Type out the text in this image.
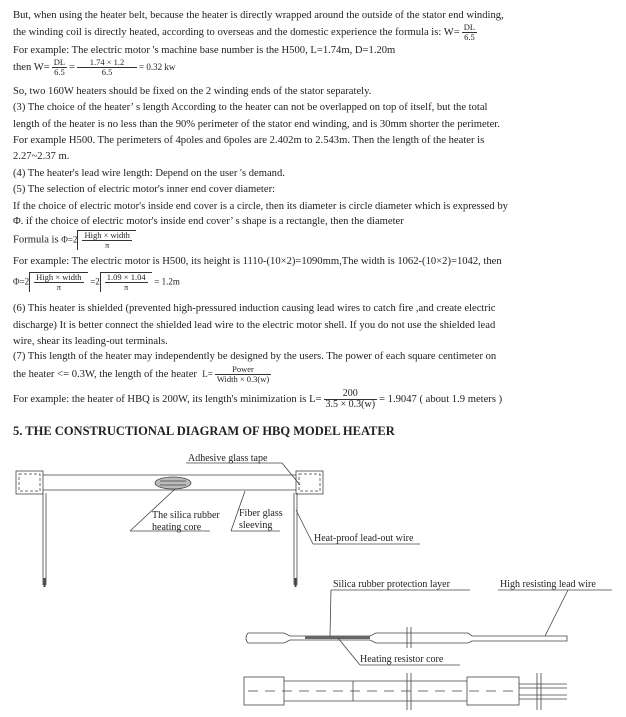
But, when using the heater belt, because the heater is directly wrapped around the outside of the stator end winding,
the winding coil is directly heated, according to overseas and the domestic experience the formula is: $W= \frac{DL}{6.5}$
For example: The electric motor 's machine base number is the H500, L=1.74m, D=1.20m
then $W= \frac{DL}{6.5} = \frac{1.74 \times 1.2}{6.5} = 0.32$ kw
So, two 160W heaters should be fixed on the 2 winding ends of the stator separately.
(3) The choice of the heater’ s length According to the heater can not be overlapped on top of itself, but the total
length of the heater is no less than the 90% perimeter of the stator end winding, and is 30mm shorter the perimeter.
For example H500. The perimeters of 4poles and 6poles are 2.402m to 2.543m. Then the length of the heater is
2.27~2.37 m.
(4) The heater's lead wire length: Depend on the user 's demand.
(5) The selection of electric motor's inner end cover diameter:
If the choice of electric motor's inside end cover is a circle, then its diameter is circle diameter which is expressed by
Φ. if the choice of electric motor's inside end cover’ s shape is a rectangle, then the diameter
Formula is $\Phi=2 \frac{\text{High × width}}{\pi}$
For example: The electric motor is H500, its height is 1110-(10×2)=1090mm,The width is 1062-(10×2)=1042, then
$\Phi=2 \frac{\text{High × width}}{\pi} =2 \frac{1.09 \times 1.04}{\pi} = 1.2m$
(6) This heater is shielded (prevented high-pressured induction causing lead wires to catch fire ,and create electric
discharge) It is better connect the shielded lead wire to the electric motor shell. If you do not use the shielded lead
wire, shear its leading-out terminals.
(7) This length of the heater may independently be designed by the users. The power of each square centimeter on
the heater <= 0.3W, the length of the heater $L= \frac{\text{Power}}{\text{Width × 0.3(w)}}$
For example: the heater of HBQ is 200W, its length's minimization is $L= \frac{200}{3.5 \times 0.3(w)} = 1.9047$ ( about 1.9 meters )
5. THE CONSTRUCTIONAL DIAGRAM OF HBQ MODEL HEATER
Adhesive glass tape
The silica rubber
heating core
Fiber glass
sleeving
Heat-proof lead-out wire
Silica rubber protection layer	High resisting lead wire
Heating resistor core
